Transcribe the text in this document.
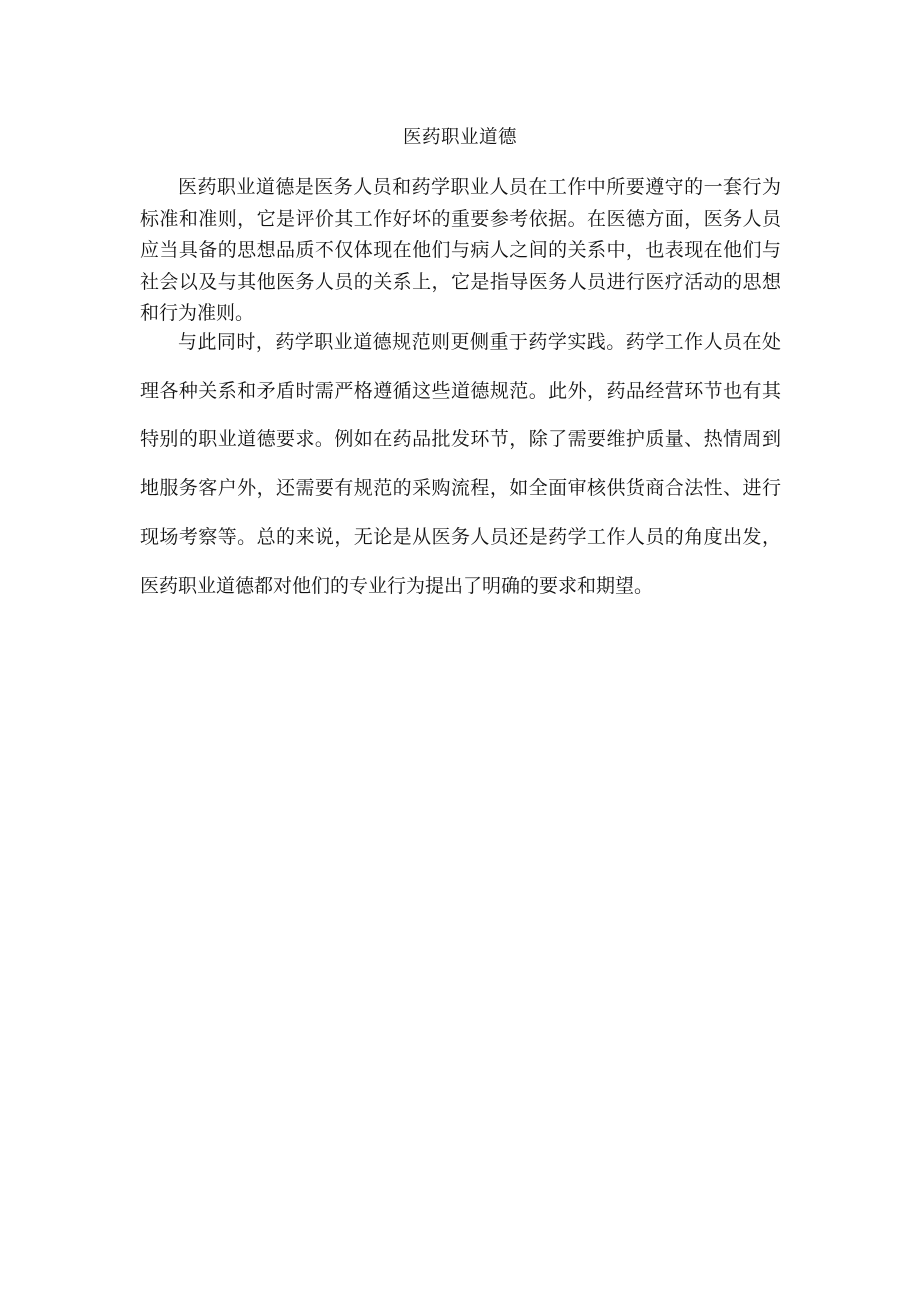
医药职业道德

医药职业道德是医务人员和药学职业人员在工作中所要遵守的一套行为标准和准则，它是评价其工作好坏的重要参考依据。在医德方面，医务人员应当具备的思想品质不仅体现在他们与病人之间的关系中，也表现在他们与社会以及与其他医务人员的关系上，它是指导医务人员进行医疗活动的思想和行为准则。

与此同时，药学职业道德规范则更侧重于药学实践。药学工作人员在处理各种关系和矛盾时需严格遵循这些道德规范。此外，药品经营环节也有其特别的职业道德要求。例如在药品批发环节，除了需要维护质量、热情周到地服务客户外，还需要有规范的采购流程，如全面审核供货商合法性、进行现场考察等。总的来说，无论是从医务人员还是药学工作人员的角度出发，医药职业道德都对他们的专业行为提出了明确的要求和期望。
